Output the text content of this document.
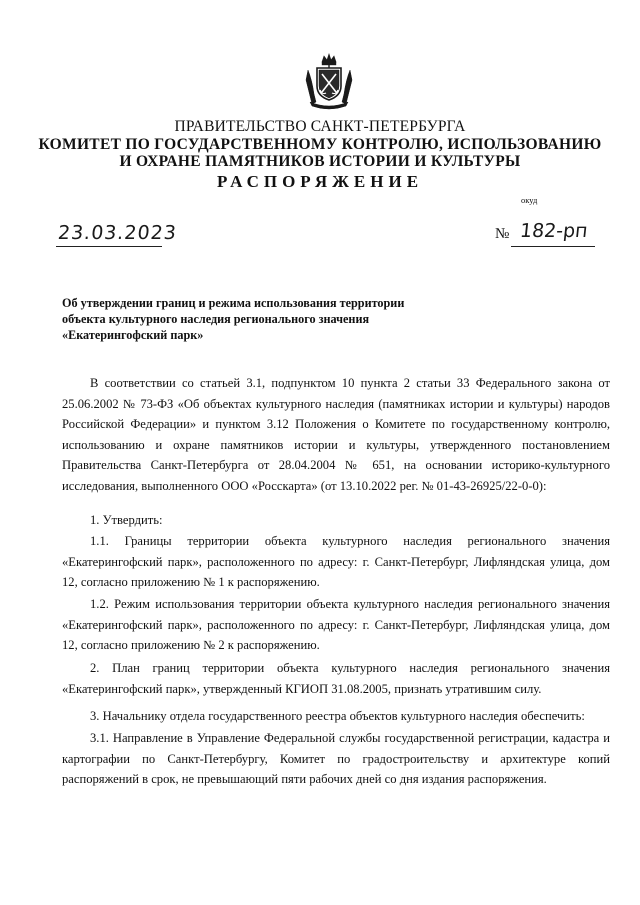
ПРАВИТЕЛЬСТВО САНКТ-ПЕТЕРБУРГА
КОМИТЕТ ПО ГОСУДАРСТВЕННОМУ КОНТРОЛЮ, ИСПОЛЬЗОВАНИЮ
И ОХРАНЕ ПАМЯТНИКОВ ИСТОРИИ И КУЛЬТУРЫ
РАСПОРЯЖЕНИЕ
окуд
23.03.2023	№ 182-рп
Об утверждении границ и режима использования территории
объекта культурного наследия регионального значения
«Екатерингофский парк»
В соответствии со статьей 3.1, подпунктом 10 пункта 2 статьи 33 Федерального закона от 25.06.2002 № 73-ФЗ «Об объектах культурного наследия (памятниках истории и культуры) народов Российской Федерации» и пунктом 3.12 Положения о Комитете по государственному контролю, использованию и охране памятников истории и культуры, утвержденного постановлением Правительства Санкт-Петербурга от 28.04.2004 № 651, на основании историко-культурного исследования, выполненного ООО «Росскарта» (от 13.10.2022 рег. № 01-43-26925/22-0-0):
1. Утвердить:
1.1. Границы территории объекта культурного наследия регионального значения «Екатерингофский парк», расположенного по адресу: г. Санкт-Петербург, Лифляндская улица, дом 12, согласно приложению № 1 к распоряжению.
1.2. Режим использования территории объекта культурного наследия регионального значения «Екатерингофский парк», расположенного по адресу: г. Санкт-Петербург, Лифляндская улица, дом 12, согласно приложению № 2 к распоряжению.
2. План границ территории объекта культурного наследия регионального значения «Екатерингофский парк», утвержденный КГИОП 31.08.2005, признать утратившим силу.
3. Начальнику отдела государственного реестра объектов культурного наследия обеспечить:
3.1. Направление в Управление Федеральной службы государственной регистрации, кадастра и картографии по Санкт-Петербургу, Комитет по градостроительству и архитектуре копий распоряжений в срок, не превышающий пяти рабочих дней со дня издания распоряжения.
